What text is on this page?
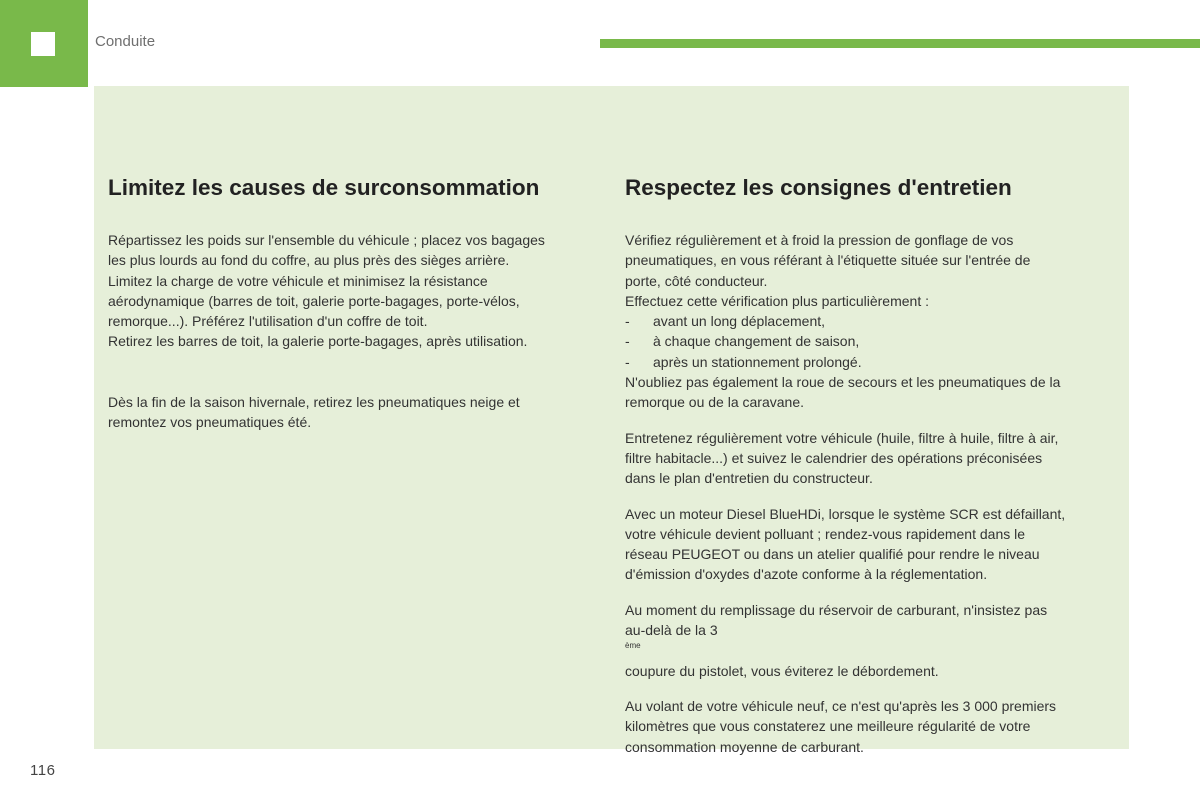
Conduite
Limitez les causes de surconsommation

Répartissez les poids sur l'ensemble du véhicule ; placez vos bagages
les plus lourds au fond du coffre, au plus près des sièges arrière.
Limitez la charge de votre véhicule et minimisez la résistance
aérodynamique (barres de toit, galerie porte-bagages, porte-vélos,
remorque...). Préférez l'utilisation d'un coffre de toit.
Retirez les barres de toit, la galerie porte-bagages, après utilisation.

Dès la fin de la saison hivernale, retirez les pneumatiques neige et
remontez vos pneumatiques été.

Respectez les consignes d'entretien

Vérifiez régulièrement et à froid la pression de gonflage de vos
pneumatiques, en vous référant à l'étiquette située sur l'entrée de
porte, côté conducteur.
Effectuez cette vérification plus particulièrement :

-	avant un long déplacement,
-	à chaque changement de saison,
-	après un stationnement prolongé.

N'oubliez pas également la roue de secours et les pneumatiques de la
remorque ou de la caravane.

Entretenez régulièrement votre véhicule (huile, filtre à huile, filtre à air,
filtre habitacle...) et suivez le calendrier des opérations préconisées
dans le plan d'entretien du constructeur.

Avec un moteur Diesel BlueHDi, lorsque le système SCR est défaillant,
votre véhicule devient polluant ; rendez-vous rapidement dans le
réseau PEUGEOT ou dans un atelier qualifié pour rendre le niveau
d'émission d'oxydes d'azote conforme à la réglementation.

Au moment du remplissage du réservoir de carburant, n'insistez pas
au-delà de la 3
$^{ème}$
coupure du pistolet, vous éviterez le débordement.

Au volant de votre véhicule neuf, ce n'est qu'après les 3 000 premiers
kilomètres que vous constaterez une meilleure régularité de votre
consommation moyenne de carburant.

116
